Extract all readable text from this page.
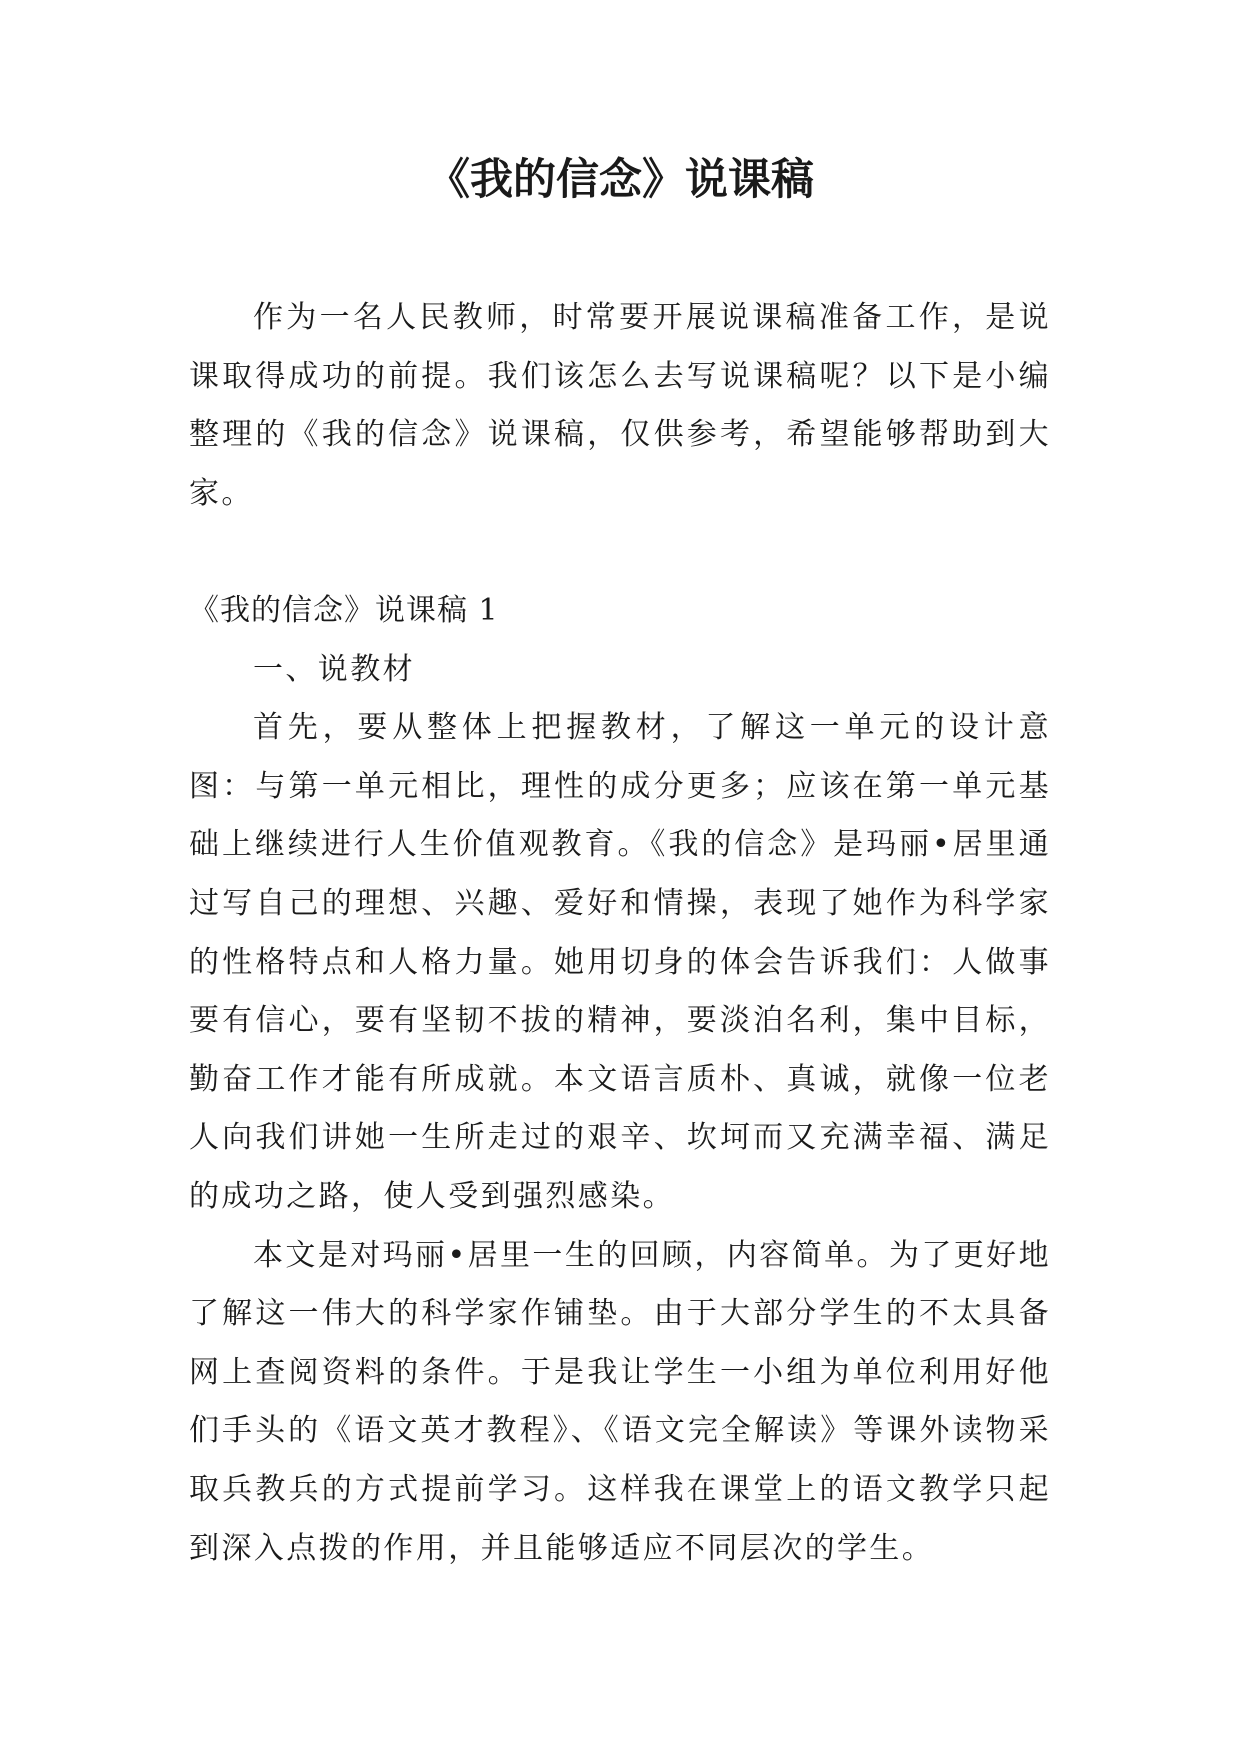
《我的信念》说课稿

作为一名人民教师，时常要开展说课稿准备工作，是说课取得成功的前提。我们该怎么去写说课稿呢？以下是小编整理的《我的信念》说课稿，仅供参考，希望能够帮助到大家。

《我的信念》说课稿 1

一、说教材

首先，要从整体上把握教材，了解这一单元的设计意图：与第一单元相比，理性的成分更多；应该在第一单元基础上继续进行人生价值观教育。《我的信念》是玛丽•居里通过写自己的理想、兴趣、爱好和情操，表现了她作为科学家的性格特点和人格力量。她用切身的体会告诉我们：人做事要有信心，要有坚韧不拔的精神，要淡泊名利，集中目标，勤奋工作才能有所成就。本文语言质朴、真诚，就像一位老人向我们讲她一生所走过的艰辛、坎坷而又充满幸福、满足的成功之路，使人受到强烈感染。

本文是对玛丽•居里一生的回顾，内容简单。为了更好地了解这一伟大的科学家作铺垫。由于大部分学生的不太具备网上查阅资料的条件。于是我让学生一小组为单位利用好他们手头的《语文英才教程》、《语文完全解读》等课外读物采取兵教兵的方式提前学习。这样我在课堂上的语文教学只起到深入点拨的作用，并且能够适应不同层次的学生。
